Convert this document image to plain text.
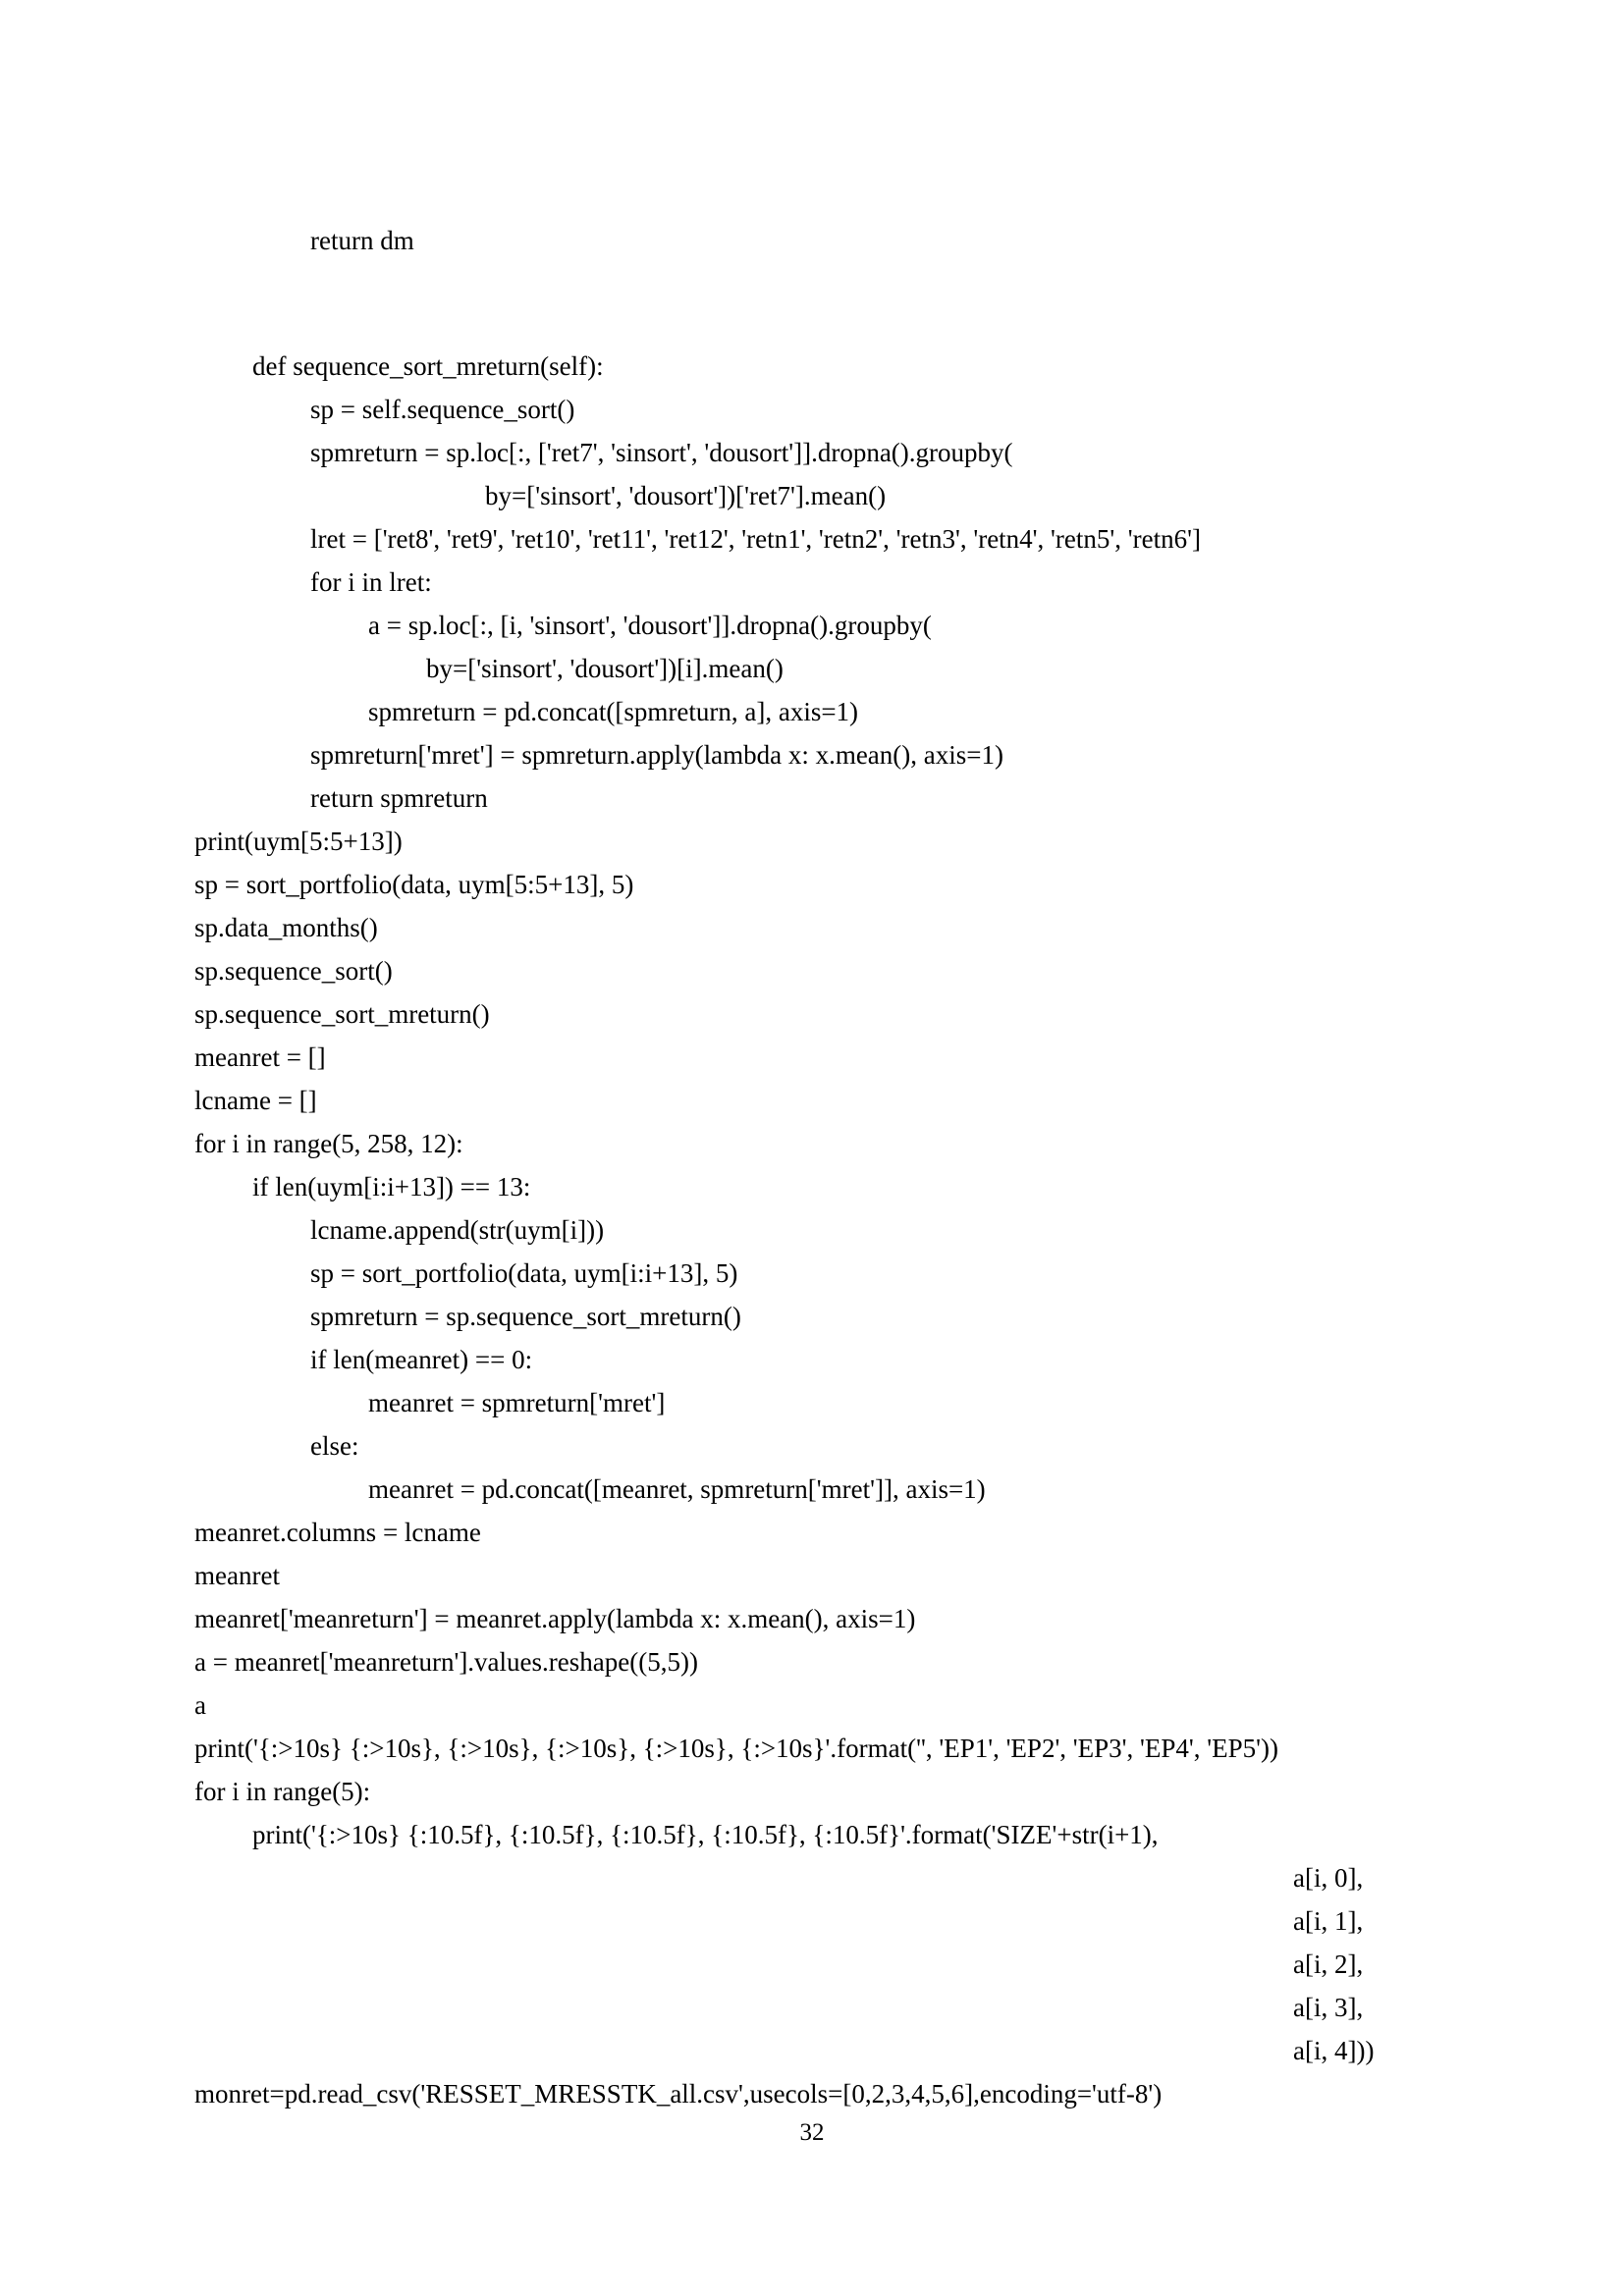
return dm
def sequence_sort_mreturn(self):
sp = self.sequence_sort()
spmreturn = sp.loc[:, ['ret7', 'sinsort', 'dousort']].dropna().groupby(
by=['sinsort', 'dousort'])['ret7'].mean()
lret = ['ret8', 'ret9', 'ret10', 'ret11', 'ret12', 'retn1', 'retn2', 'retn3', 'retn4', 'retn5', 'retn6']
for i in lret:
a = sp.loc[:, [i, 'sinsort', 'dousort']].dropna().groupby(
by=['sinsort', 'dousort'])[i].mean()
spmreturn = pd.concat([spmreturn, a], axis=1)
spmreturn['mret'] = spmreturn.apply(lambda x: x.mean(), axis=1)
return spmreturn
print(uym[5:5+13])
sp = sort_portfolio(data, uym[5:5+13], 5)
sp.data_months()
sp.sequence_sort()
sp.sequence_sort_mreturn()
meanret = []
lcname = []
for i in range(5, 258, 12):
if len(uym[i:i+13]) == 13:
lcname.append(str(uym[i]))
sp = sort_portfolio(data, uym[i:i+13], 5)
spmreturn = sp.sequence_sort_mreturn()
if len(meanret) == 0:
meanret = spmreturn['mret']
else:
meanret = pd.concat([meanret, spmreturn['mret']], axis=1)
meanret.columns = lcname
meanret
meanret['meanreturn'] = meanret.apply(lambda x: x.mean(), axis=1)
a = meanret['meanreturn'].values.reshape((5,5))
a
print('{:>10s} {:>10s}, {:>10s}, {:>10s}, {:>10s}, {:>10s}'.format('', 'EP1', 'EP2', 'EP3', 'EP4', 'EP5'))
for i in range(5):
print('{:>10s} {:10.5f}, {:10.5f}, {:10.5f}, {:10.5f}, {:10.5f}'.format('SIZE'+str(i+1),
a[i, 0],
a[i, 1],
a[i, 2],
a[i, 3],
a[i, 4]))
monret=pd.read_csv('RESSET_MRESSTK_all.csv',usecols=[0,2,3,4,5,6],encoding='utf-8')
32
